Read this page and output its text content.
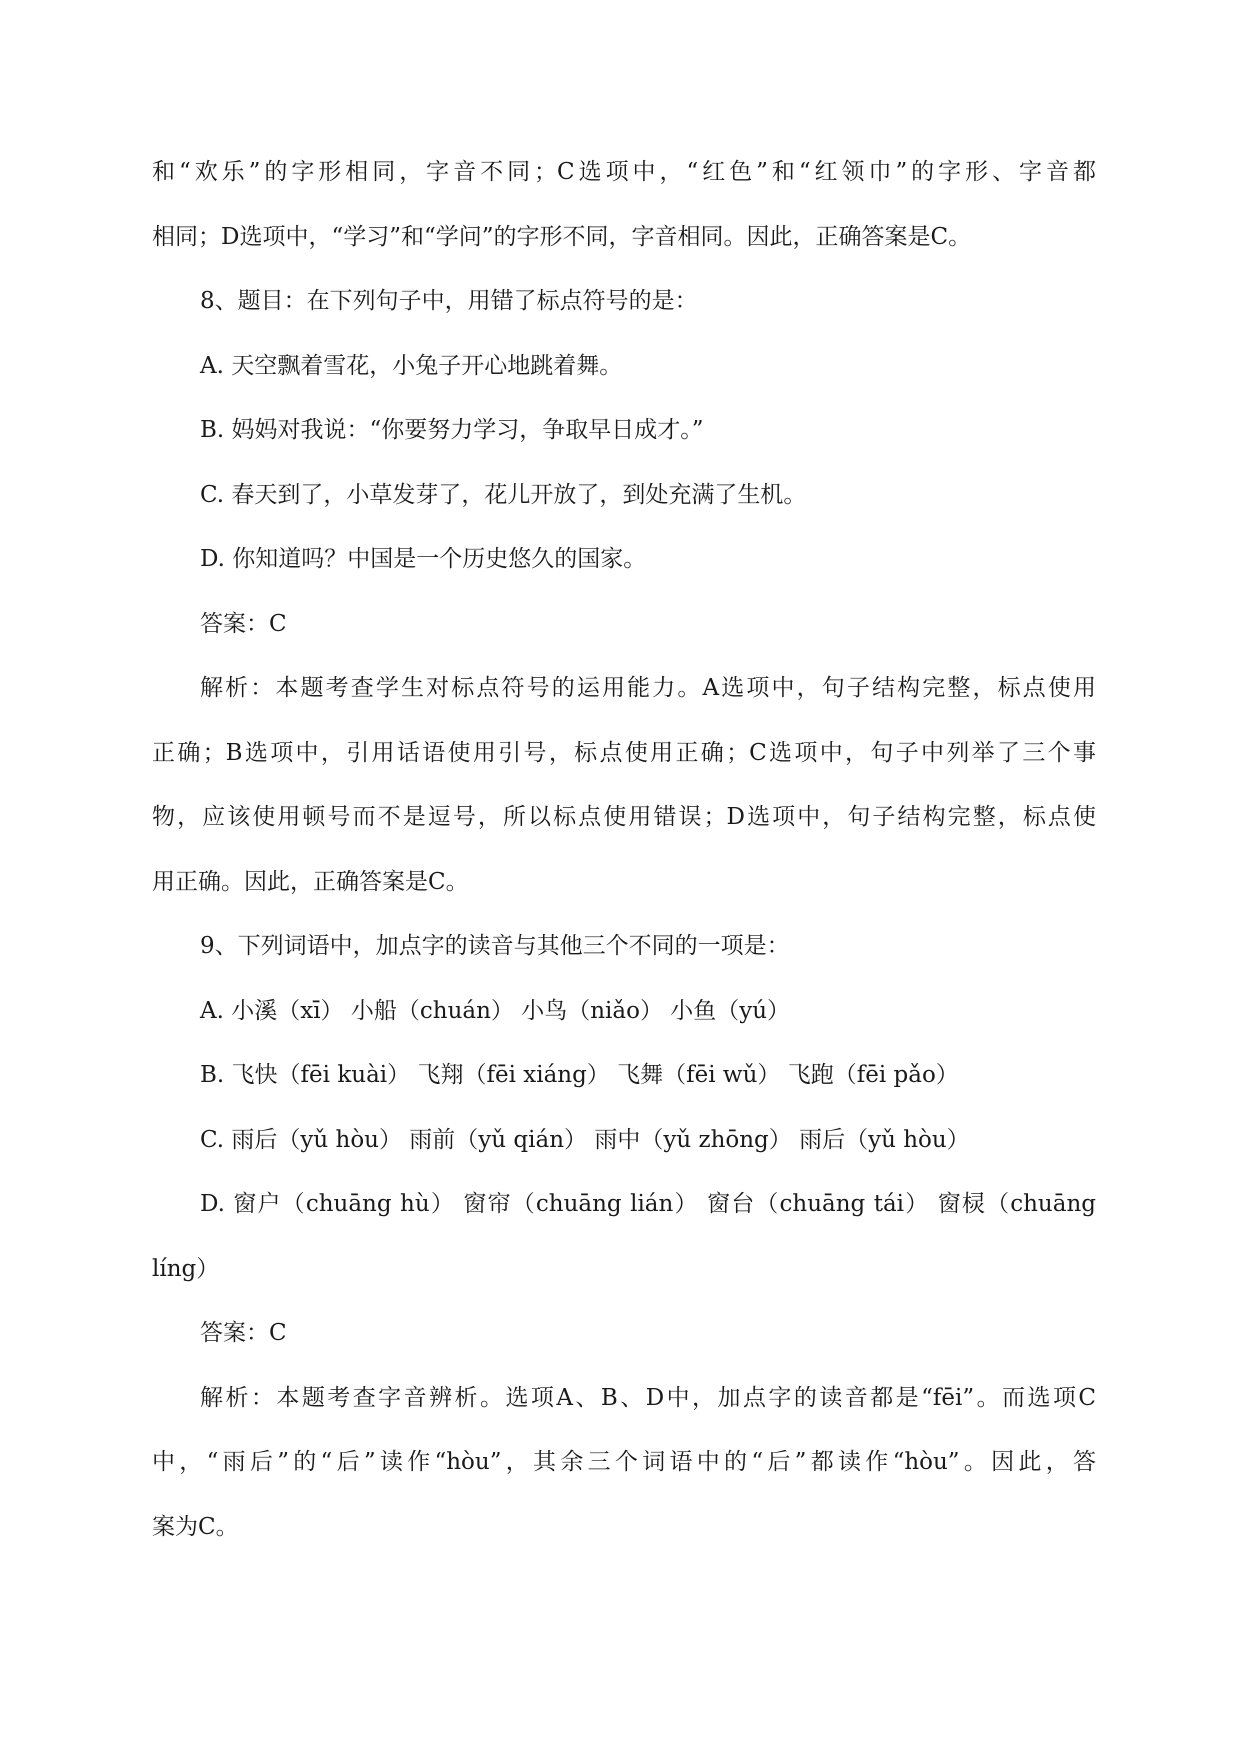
和“欢乐”的字形相同，字音不同；C选项中，“红色”和“红领巾”的字形、字音都
相同；D选项中，“学习”和“学问”的字形不同，字音相同。因此，正确答案是C。
8、题目：在下列句子中，用错了标点符号的是：
A. 天空飘着雪花，小兔子开心地跳着舞。
B. 妈妈对我说：“你要努力学习，争取早日成才。”
C. 春天到了，小草发芽了，花儿开放了，到处充满了生机。
D. 你知道吗？中国是一个历史悠久的国家。
答案：C
解析：本题考查学生对标点符号的运用能力。A选项中，句子结构完整，标点使用
正确；B选项中，引用话语使用引号，标点使用正确；C选项中，句子中列举了三个事
物，应该使用顿号而不是逗号，所以标点使用错误；D选项中，句子结构完整，标点使
用正确。因此，正确答案是C。
9、下列词语中，加点字的读音与其他三个不同的一项是：
A. 小溪（xī） 小船（chuán） 小鸟（niǎo） 小鱼（yú）
B. 飞快（fēi kuài） 飞翔（fēi xiáng） 飞舞（fēi wǔ） 飞跑（fēi pǎo）
C. 雨后（yǔ hòu） 雨前（yǔ qián） 雨中（yǔ zhōng） 雨后（yǔ hòu）
D. 窗户（chuāng hù） 窗帘（chuāng lián） 窗台（chuāng tái） 窗棂（chuāng
líng）
答案：C
解析：本题考查字音辨析。选项A、B、D中，加点字的读音都是“fēi”。而选项C
中，“雨后”的“后”读作“hòu”，其余三个词语中的“后”都读作“hòu”。因此，答
案为C。
